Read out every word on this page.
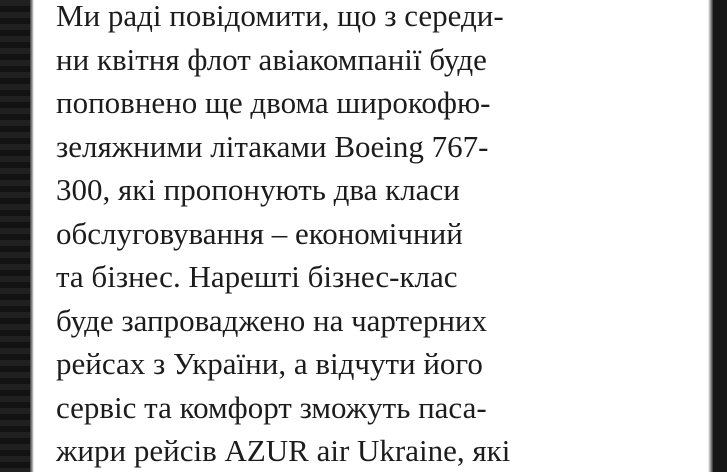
Ми раді повідомити, що з середи-
ни квітня флот авіакомпанії буде
поповнено ще двома широкофю-
зеляжними літаками Boeing 767-
300, які пропонують два класи
обслуговування – економічний
та бізнес. Нарешті бізнес-клас
буде запроваджено на чартерних
рейсах з України, а відчути його
сервіс та комфорт зможуть паса-
жири рейсів AZUR air Ukraine, які
